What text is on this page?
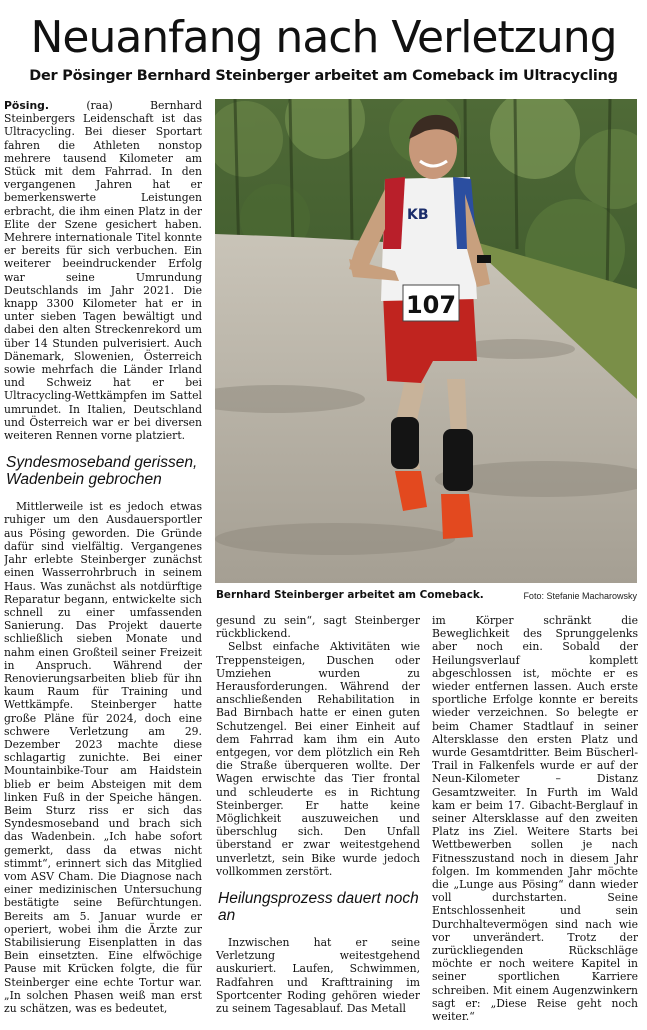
Neuanfang nach Verletzung
Der Pösinger Bernhard Steinberger arbeitet am Comeback im Ultracycling

Pösing.	(raa) Bernhard Steinbergers Leidenschaft ist das Ultracycling. Bei dieser Sportart fahren die Athleten nonstop mehrere tausend Kilometer am Stück mit dem Fahrrad. In den vergangenen Jahren hat er bemerkenswerte Leistungen erbracht, die ihm einen Platz in der Elite der Szene gesichert haben. Mehrere internationale Titel konnte er bereits für sich verbuchen. Ein weiterer beeindruckender Erfolg war seine Umrundung Deutschlands im Jahr 2021. Die knapp 3300 Kilometer hat er in unter sieben Tagen bewältigt und dabei den alten Streckenrekord um über 14 Stunden pulverisiert. Auch Dänemark, Slowenien, Österreich sowie mehrfach die Länder Irland und Schweiz hat er bei Ultracycling-Wettkämpfen im Sattel umrundet. In Italien, Deutschland und Österreich war er bei diversen weiteren Rennen vorne platziert.

Syndesmoseband gerissen, Wadenbein gebrochen

Mittlerweile ist es jedoch etwas ruhiger um den Ausdauersportler aus Pösing geworden. Die Gründe dafür sind vielfältig. Vergangenes Jahr erlebte Steinberger zunächst einen Wasserrohrbruch in seinem Haus. Was zunächst als notdürftige Reparatur begann, entwickelte sich schnell zu einer umfassenden Sanierung. Das Projekt dauerte schließlich sieben Monate und nahm einen Großteil seiner Freizeit in Anspruch. Während der Renovierungsarbeiten blieb für ihn kaum Raum für Training und Wettkämpfe. Steinberger hatte große Pläne für 2024, doch eine schwere Verletzung am 29. Dezember 2023 machte diese schlagartig zunichte. Bei einer Mountainbike-Tour am Haidstein blieb er beim Absteigen mit dem linken Fuß in der Speiche hängen. Beim Sturz riss er sich das Syndesmoseband und brach sich das Wadenbein. „Ich habe sofort gemerkt, dass da etwas nicht stimmt“, erinnert sich das Mitglied vom ASV Cham. Die Diagnose nach einer medizinischen Untersuchung bestätigte seine Befürchtungen. Bereits am 5. Januar wurde er operiert, wobei ihm die Ärzte zur Stabilisierung Eisenplatten in das Bein einsetzten. Eine elfwöchige Pause mit Krücken folgte, die für Steinberger eine echte Tortur war. „In solchen Phasen weiß man erst zu schätzen, was es bedeutet,

KB
107
Bernhard Steinberger arbeitet am Comeback.	Foto: Stefanie Macharowsky

gesund zu sein“, sagt Steinberger rückblickend.

Selbst einfache Aktivitäten wie Treppensteigen, Duschen oder Umziehen wurden zu Herausforderungen. Während der anschließenden Rehabilitation in Bad Birnbach hatte er einen guten Schutzengel. Bei einer Einheit auf dem Fahrrad kam ihm ein Auto entgegen, vor dem plötzlich ein Reh die Straße überqueren wollte. Der Wagen erwischte das Tier frontal und schleuderte es in Richtung Steinberger. Er hatte keine Möglichkeit auszuweichen und überschlug sich. Den Unfall überstand er zwar weitestgehend unverletzt, sein Bike wurde jedoch vollkommen zerstört.

Heilungsprozess dauert noch an

Inzwischen hat er seine Verletzung weitestgehend auskuriert. Laufen, Schwimmen, Radfahren und Krafttraining im Sportcenter Roding gehören wieder zu seinem Tagesablauf. Das Metall

im Körper schränkt die Beweglichkeit des Sprunggelenks aber noch ein. Sobald der Heilungsverlauf komplett abgeschlossen ist, möchte er es wieder entfernen lassen. Auch erste sportliche Erfolge konnte er bereits wieder verzeichnen. So belegte er beim Chamer Stadtlauf in seiner Altersklasse den ersten Platz und wurde Gesamtdritter. Beim Büscherl-Trail in Falkenfels wurde er auf der Neun-Kilometer – Distanz Gesamtzweiter. In Furth im Wald kam er beim 17. Gibacht-Berglauf in seiner Altersklasse auf den zweiten Platz ins Ziel. Weitere Starts bei Wettbewerben sollen je nach Fitnesszustand noch in diesem Jahr folgen. Im kommenden Jahr möchte die „Lunge aus Pösing“ dann wieder voll durchstarten. Seine Entschlossenheit und sein Durchhaltevermögen sind nach wie vor unverändert. Trotz der zurückliegenden Rückschläge möchte er noch weitere Kapitel in seiner sportlichen Karriere schreiben. Mit einem Augenzwinkern sagt er: „Diese Reise geht noch weiter.“
